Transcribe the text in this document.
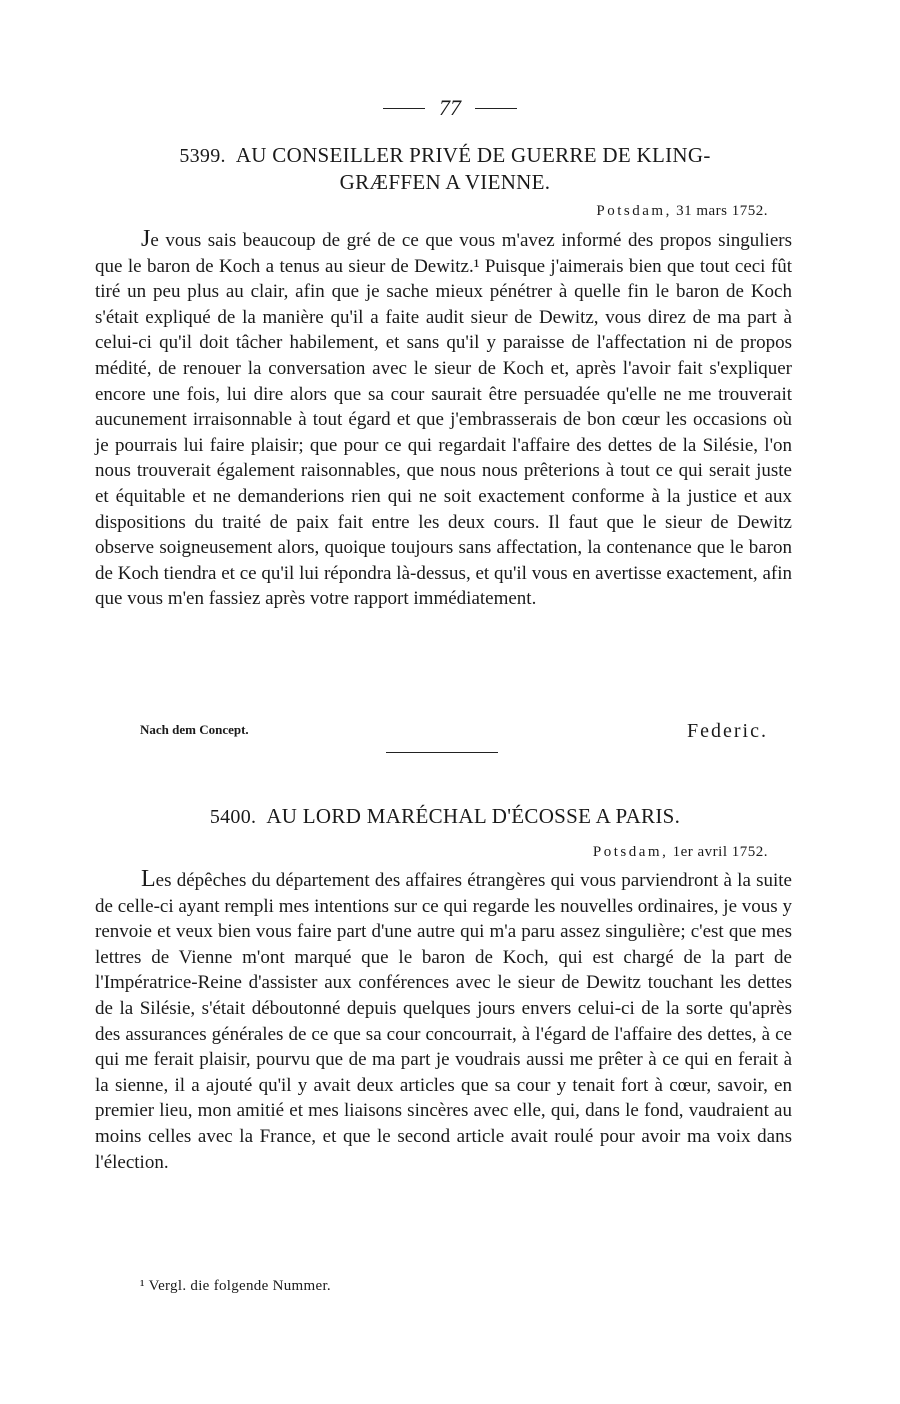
77
5399. AU CONSEILLER PRIVÉ DE GUERRE DE KLING-
GRÆFFEN A VIENNE.
Potsdam, 31 mars 1752.

Je vous sais beaucoup de gré de ce que vous m'avez informé des propos singuliers que le baron de Koch a tenus au sieur de Dewitz.¹ Puisque j'aimerais bien que tout ceci fût tiré un peu plus au clair, afin que je sache mieux pénétrer à quelle fin le baron de Koch s'était expliqué de la manière qu'il a faite audit sieur de Dewitz, vous direz de ma part à celui-ci qu'il doit tâcher habilement, et sans qu'il y paraisse de l'affectation ni de propos médité, de renouer la conversation avec le sieur de Koch et, après l'avoir fait s'expliquer encore une fois, lui dire alors que sa cour saurait être persuadée qu'elle ne me trouverait aucunement irraisonnable à tout égard et que j'embrasserais de bon cœur les occasions où je pourrais lui faire plaisir; que pour ce qui regardait l'affaire des dettes de la Silésie, l'on nous trouverait également raisonnables, que nous nous prêterions à tout ce qui serait juste et équitable et ne demanderions rien qui ne soit exactement conforme à la justice et aux dispositions du traité de paix fait entre les deux cours. Il faut que le sieur de Dewitz observe soigneusement alors, quoique toujours sans affectation, la contenance que le baron de Koch tiendra et ce qu'il lui répondra là-dessus, et qu'il vous en avertisse exactement, afin que vous m'en fassiez après votre rapport immédiatement.

Nach dem Concept.	Federic.
5400. AU LORD MARÉCHAL D'ÉCOSSE A PARIS.
Potsdam, 1er avril 1752.

Les dépêches du département des affaires étrangères qui vous parviendront à la suite de celle-ci ayant rempli mes intentions sur ce qui regarde les nouvelles ordinaires, je vous y renvoie et veux bien vous faire part d'une autre qui m'a paru assez singulière; c'est que mes lettres de Vienne m'ont marqué que le baron de Koch, qui est chargé de la part de l'Impératrice-Reine d'assister aux conférences avec le sieur de Dewitz touchant les dettes de la Silésie, s'était déboutonné depuis quelques jours envers celui-ci de la sorte qu'après des assurances générales de ce que sa cour concourrait, à l'égard de l'affaire des dettes, à ce qui me ferait plaisir, pourvu que de ma part je voudrais aussi me prêter à ce qui en ferait à la sienne, il a ajouté qu'il y avait deux articles que sa cour y tenait fort à cœur, savoir, en premier lieu, mon amitié et mes liaisons sincères avec elle, qui, dans le fond, vaudraient au moins celles avec la France, et que le second article avait roulé pour avoir ma voix dans l'élection.

¹ Vergl. die folgende Nummer.
